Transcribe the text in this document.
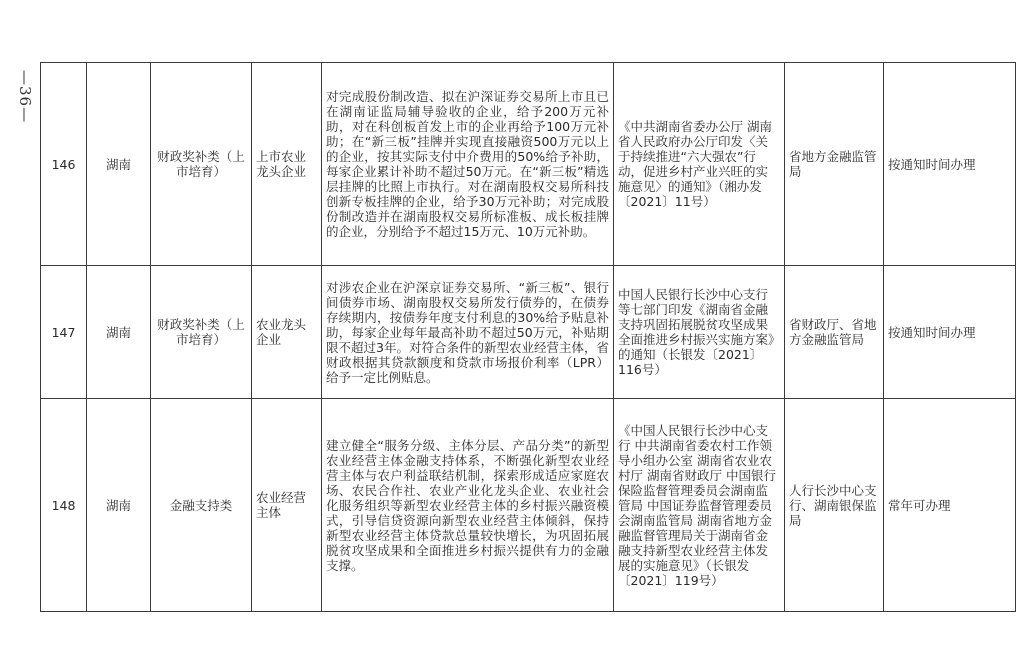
—36—
146	湖南	财政奖补类（上市培育）	上市农业龙头企业	对完成股份制改造、拟在沪深证券交易所上市且已在湖南证监局辅导验收的企业，给予200万元补助，对在科创板首发上市的企业再给予100万元补助；在“新三板”挂牌并实现直接融资500万元以上的企业，按其实际支付中介费用的50%给予补助，每家企业累计补助不超过50万元。在“新三板”精选层挂牌的比照上市执行。对在湖南股权交易所科技创新专板挂牌的企业，给予30万元补助；对完成股份制改造并在湖南股权交易所标准板、成长板挂牌的企业，分别给予不超过15万元、10万元补助。	《中共湖南省委办公厅 湖南省人民政府办公厅印发〈关于持续推进“六大强农”行动，促进乡村产业兴旺的实施意见〉的通知》（湘办发〔2021〕11号）	省地方金融监管局	按通知时间办理
147	湖南	财政奖补类（上市培育）	农业龙头企业	对涉农企业在沪深京证券交易所、“新三板”、银行间债券市场、湖南股权交易所发行债券的，在债券存续期内，按债券年度支付利息的30%给予贴息补助，每家企业每年最高补助不超过50万元，补贴期限不超过3年。对符合条件的新型农业经营主体，省财政根据其贷款额度和贷款市场报价利率（LPR）给予一定比例贴息。	中国人民银行长沙中心支行等七部门印发《湖南省金融支持巩固拓展脱贫攻坚成果全面推进乡村振兴实施方案》的通知（长银发〔2021〕116号）	省财政厅、省地方金融监管局	按通知时间办理
148	湖南	金融支持类	农业经营主体	建立健全“服务分级、主体分层、产品分类”的新型农业经营主体金融支持体系，不断强化新型农业经营主体与农户利益联结机制，探索形成适应家庭农场、农民合作社、农业产业化龙头企业、农业社会化服务组织等新型农业经营主体的乡村振兴融资模式，引导信贷资源向新型农业经营主体倾斜，保持新型农业经营主体贷款总量较快增长，为巩固拓展脱贫攻坚成果和全面推进乡村振兴提供有力的金融支撑。	《中国人民银行长沙中心支行 中共湖南省委农村工作领导小组办公室 湖南省农业农村厅 湖南省财政厅 中国银行保险监督管理委员会湖南监管局 中国证券监督管理委员会湖南监管局 湖南省地方金融监督管理局关于湖南省金融支持新型农业经营主体发展的实施意见》（长银发〔2021〕119号）	人行长沙中心支行、湖南银保监局	常年可办理
